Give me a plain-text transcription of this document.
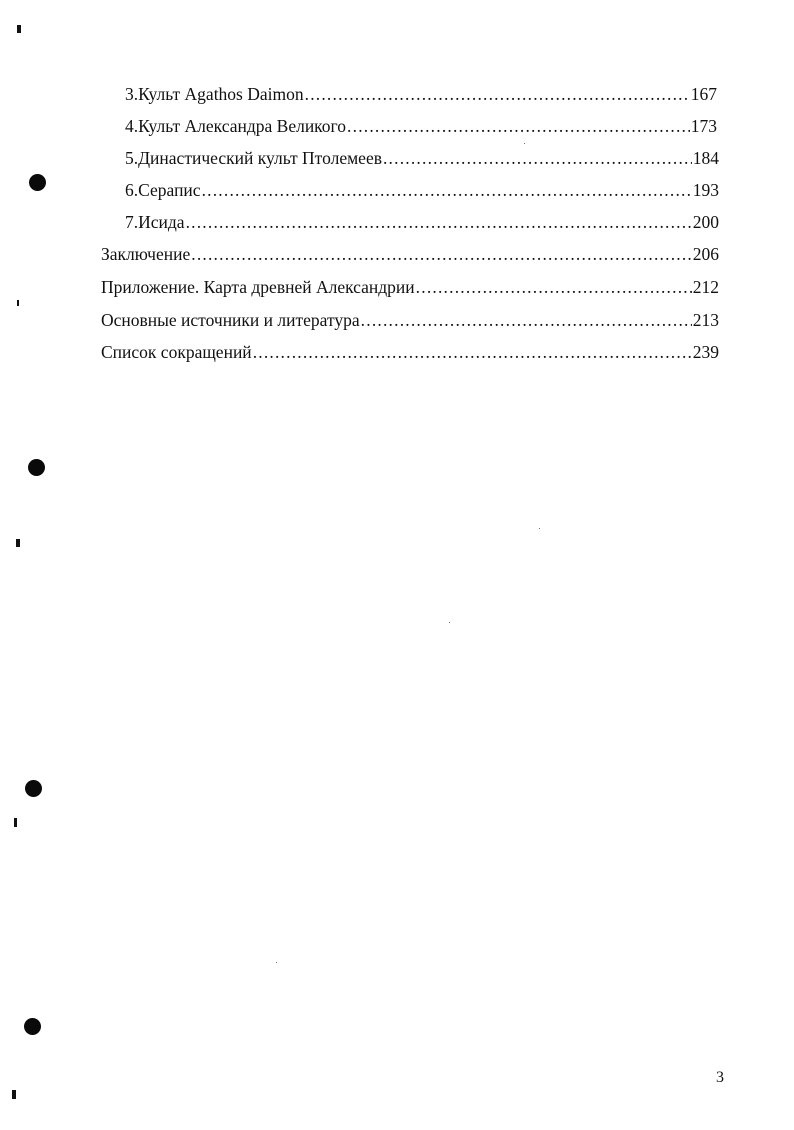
3. Культ Agathos Daimon .....	167
4. Культ Александра Великого .....	173
5. Династический культ Птолемеев .....	184
6. Серапис .....	193
7. Исида .....	200
Заключение .....	206
Приложение. Карта древней Александрии .....	212
Основные источники и литература .....	213
Список сокращений .....	239
3
